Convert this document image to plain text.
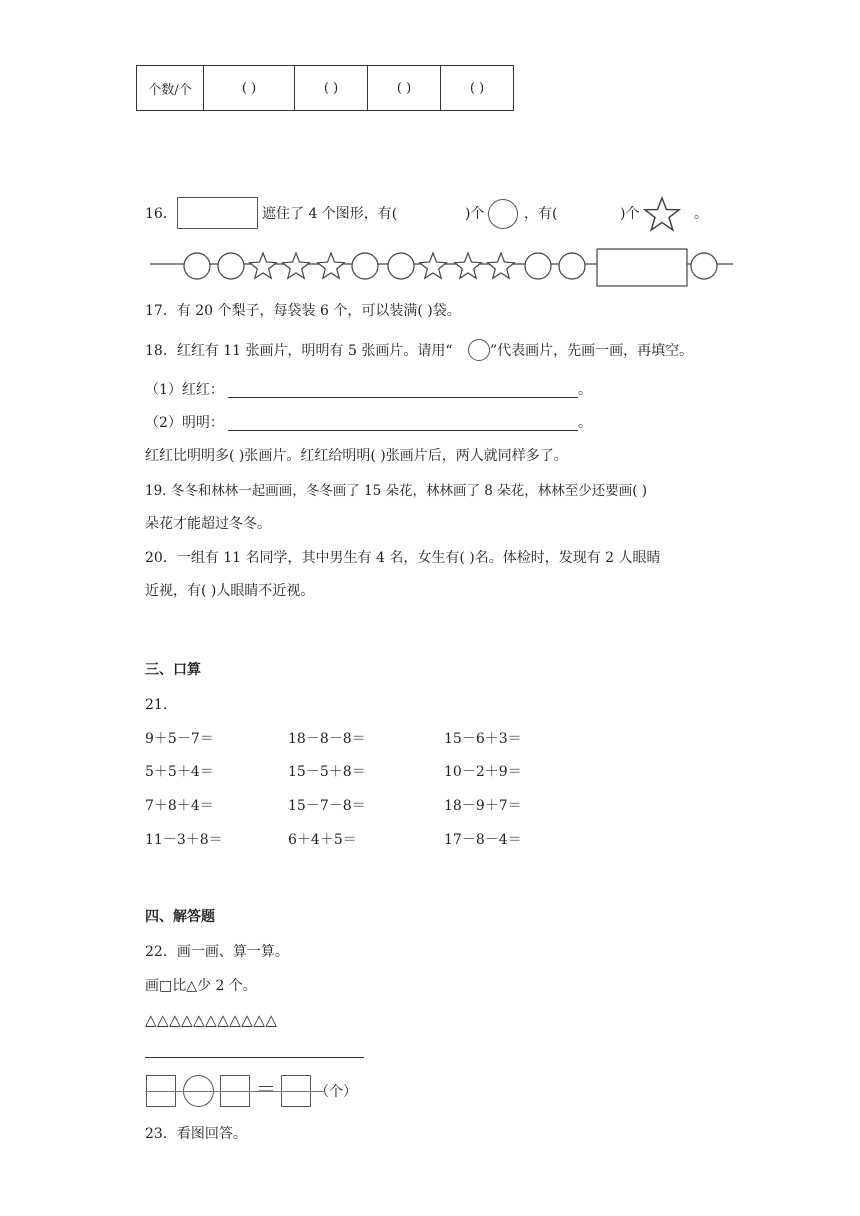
个数/个	( )	( )	( )	( )
16．	遮住了 4 个图形，有(	)个	，有(	)个	。
17．有 20 个梨子，每袋装 6 个，可以装满( )袋。
18．红红有 11 张画片，明明有 5 张画片。请用“	”代表画片，先画一画，再填空。
（1）红红：	。
（2）明明：	。
红红比明明多( )张画片。红红给明明( )张画片后，两人就同样多了。
19. 冬冬和林林一起画画，冬冬画了 15 朵花，林林画了 8 朵花，林林至少还要画( )
朵花才能超过冬冬。
20．一组有 11 名同学，其中男生有 4 名，女生有( )名。体检时，发现有 2 人眼睛
近视，有( )人眼睛不近视。
三、口算
21．
9＋5－7＝	18－8－8＝	15－6＋3＝
5＋5＋4＝	15－5＋8＝	10－2＋9＝
7＋8＋4＝	15－7－8＝	18－9＋7＝
11－3＋8＝	6＋4＋5＝	17－8－4＝
四、解答题
22．画一画、算一算。
画□比△少 2 个。
△△△△△△△△△△△
＝	（个）
23．看图回答。
